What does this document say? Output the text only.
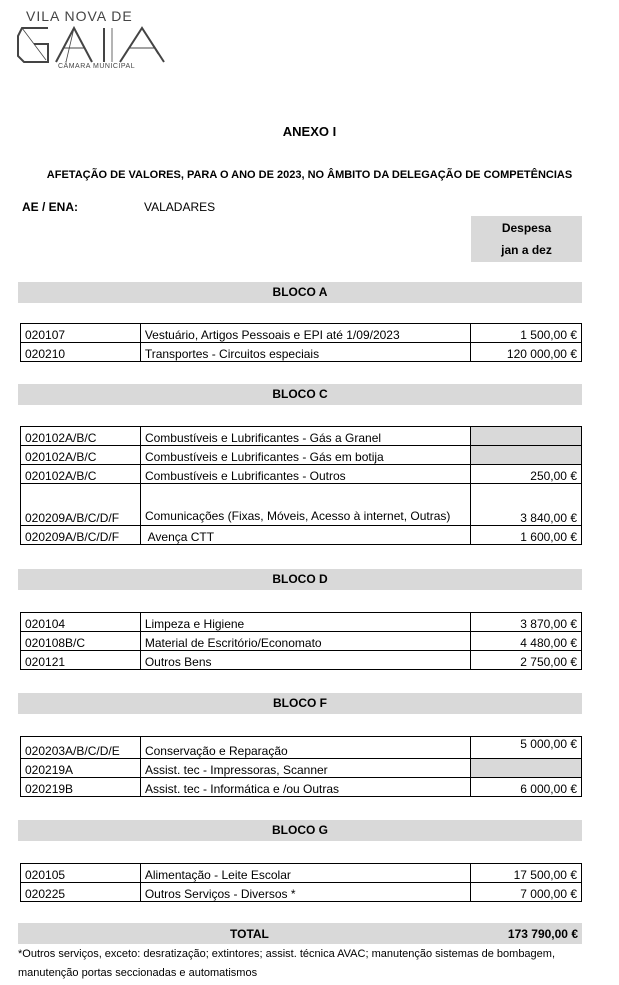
VILA NOVA DE
CÂMARA MUNICIPAL
ANEXO I
AFETAÇÃO DE VALORES, PARA O ANO DE 2023, NO ÂMBITO DA DELEGAÇÃO DE COMPETÊNCIAS
AE / ENA:	VALADARES
Despesa
jan a dez
BLOCO A
020107	Vestuário, Artigos Pessoais e EPI até 1/09/2023	1 500,00 €
020210	Transportes - Circuitos especiais	120 000,00 €
BLOCO C
020102A/B/C	Combustíveis e Lubrificantes - Gás a Granel	
020102A/B/C	Combustíveis e Lubrificantes - Gás em botija	
020102A/B/C	Combustíveis e Lubrificantes - Outros	250,00 €
020209A/B/C/D/F	Comunicações (Fixas, Móveis, Acesso à internet, Outras)	3 840,00 €
020209A/B/C/D/F	Avença CTT	1 600,00 €
BLOCO D
020104	Limpeza e Higiene	3 870,00 €
020108B/C	Material de Escritório/Economato	4 480,00 €
020121	Outros Bens	2 750,00 €
BLOCO F
020203A/B/C/D/E	Conservação e Reparação	5 000,00 €
020219A	Assist. tec - Impressoras, Scanner	
020219B	Assist. tec - Informática e /ou Outras	6 000,00 €
BLOCO G
020105	Alimentação - Leite Escolar	17 500,00 €
020225	Outros Serviços - Diversos *	7 000,00 €
TOTAL	173 790,00 €
*Outros serviços, exceto: desratização; extintores; assist. técnica AVAC; manutenção sistemas de bombagem, manutenção portas seccionadas e automatismos
